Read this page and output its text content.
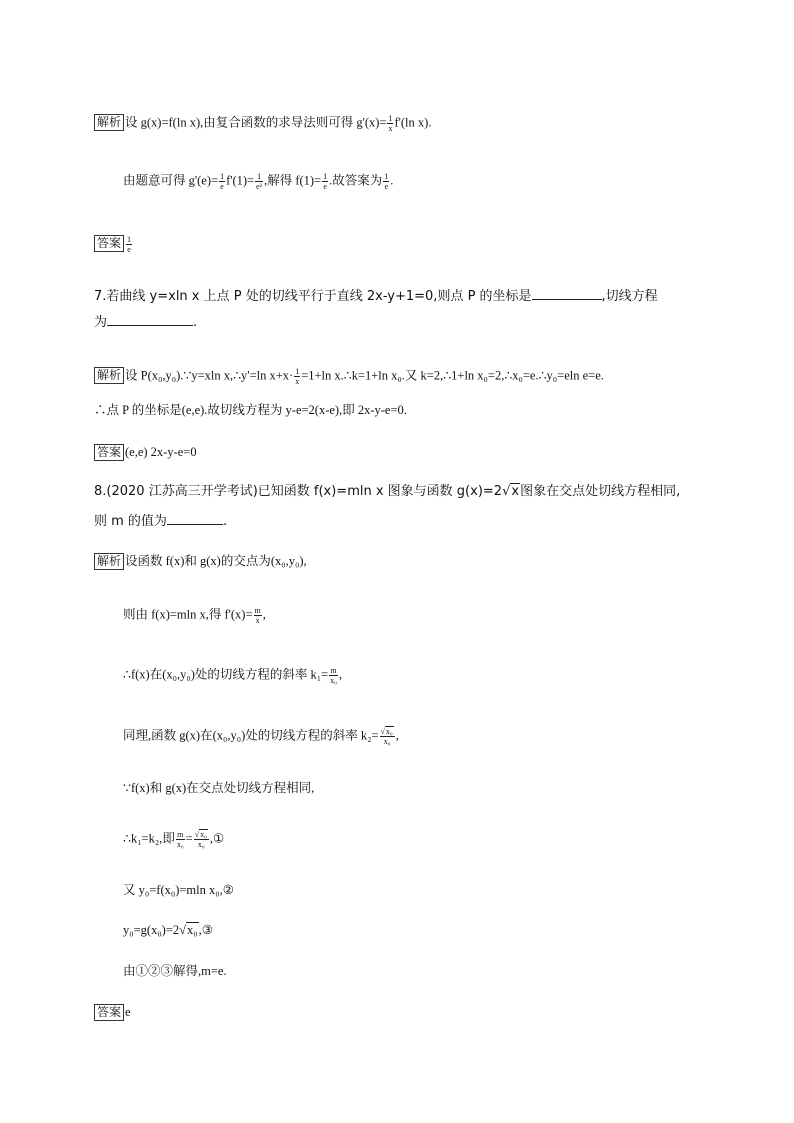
解析 设 g(x)=f(ln x),由复合函数的求导法则可得 $g'(x)= \frac{1}{x} f'(\ln$ x).
由题意可得 $g'(e)= \frac{1}{e} f'(1)= \frac{1}{\text{e²}}$ ,解得 $f(1)= \frac{1}{e}$ .故答案为 $\frac{1}{e}$ .
答案 $\frac{1}{e}$
7.若曲线 y=xln x 上点 P 处的切线平行于直线 2x-y+1=0,则点 P 的坐标是	,切线方程
为	.
解析 设 P(x₀,y₀).∵y=xln x,∴y'=ln $x+x\cdot \frac{1}{x} =1+\ln$ x.∴k=1+ln x₀.又 k=2,∴1+ln x₀=2,∴x₀=e.∴y₀=eln e=e.
∴点 P 的坐标是(e,e).故切线方程为 y-e=2(x-e),即 2x-y-e=0.
答案 (e,e) 2x-y-e=0
8.(2020 江苏高三开学考试)已知函数 f(x)=mln x 图象与函数 g(x)=2√x图象在交点处切线方程相同,
则 m 的值为	.
解析 设函数 f(x)和 g(x)的交点为(x₀,y₀),
则由 f(x)=mln x,得 $f'(x)= \frac{m}{x}$ ,
∴f(x)在(x₀,y₀)处的切线方程的斜率 $k_1= \frac{m}{\text{x₀}}$ ,
同理,函数 g(x)在(x₀,y₀)处的切线方程的斜率 $k_2= \frac{\text{√x₀}}{\text{x₀}}$ ,
∵f(x)和 g(x)在交点处切线方程相同,
∴k₁=k₂,即 $\frac{m}{\text{x₀}} = \frac{\text{√x₀}}{\text{x₀}}$ ,①
又 y₀=f(x₀)=mln x₀,②
y₀=g(x₀)=2√x₀,③
由①②③解得,m=e.
答案 e
